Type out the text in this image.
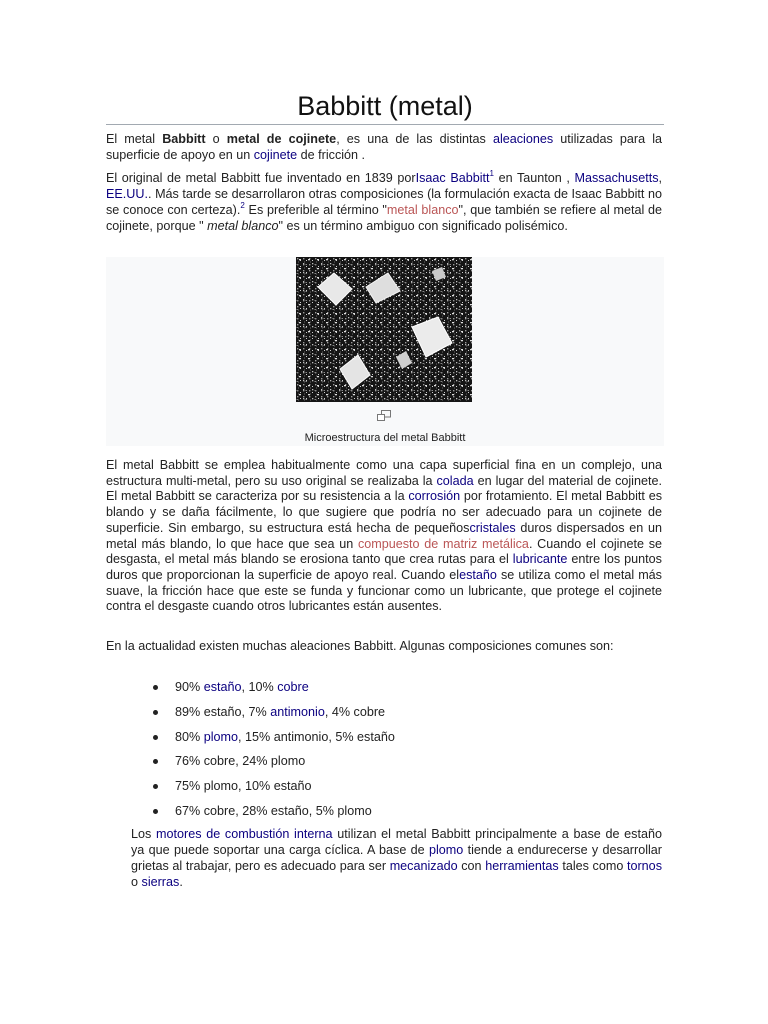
Babbitt (metal)

El metal Babbitt o metal de cojinete, es una de las distintas aleaciones utilizadas para la superficie de apoyo en un cojinete de fricción .

El original de metal Babbitt fue inventado en 1839 porIsaac Babbitt$^1$ en Taunton , Massachusetts, EE.UU.. Más tarde se desarrollaron otras composiciones (la formulación exacta de Isaac Babbitt no se conoce con certeza).$^2$ Es preferible al término "metal blanco", que también se refiere al metal de cojinete, porque " metal blanco" es un término ambiguo con significado polisémico.

Microestructura del metal Babbitt

El metal Babbitt se emplea habitualmente como una capa superficial fina en un complejo, una estructura multi-metal, pero su uso original se realizaba la colada en lugar del material de cojinete. El metal Babbitt se caracteriza por su resistencia a la corrosión por frotamiento. El metal Babbitt es blando y se daña fácilmente, lo que sugiere que podría no ser adecuado para un cojinete de superficie. Sin embargo, su estructura está hecha de pequeñoscristales duros dispersados en un metal más blando, lo que hace que sea un compuesto de matriz metálica. Cuando el cojinete se desgasta, el metal más blando se erosiona tanto que crea rutas para el lubricante entre los puntos duros que proporcionan la superficie de apoyo real. Cuando elestaño se utiliza como el metal más suave, la fricción hace que este se funda y funcionar como un lubricante, que protege el cojinete contra el desgaste cuando otros lubricantes están ausentes.

En la actualidad existen muchas aleaciones Babbitt. Algunas composiciones comunes son:

90% estaño, 10% cobre
89% estaño, 7% antimonio, 4% cobre
80% plomo, 15% antimonio, 5% estaño
76% cobre, 24% plomo
75% plomo, 10% estaño
67% cobre, 28% estaño, 5% plomo

Los motores de combustión interna utilizan el metal Babbitt principalmente a base de estaño ya que puede soportar una carga cíclica. A base de plomo tiende a endurecerse y desarrollar grietas al trabajar, pero es adecuado para ser mecanizado con herramientas tales como tornos o sierras.
